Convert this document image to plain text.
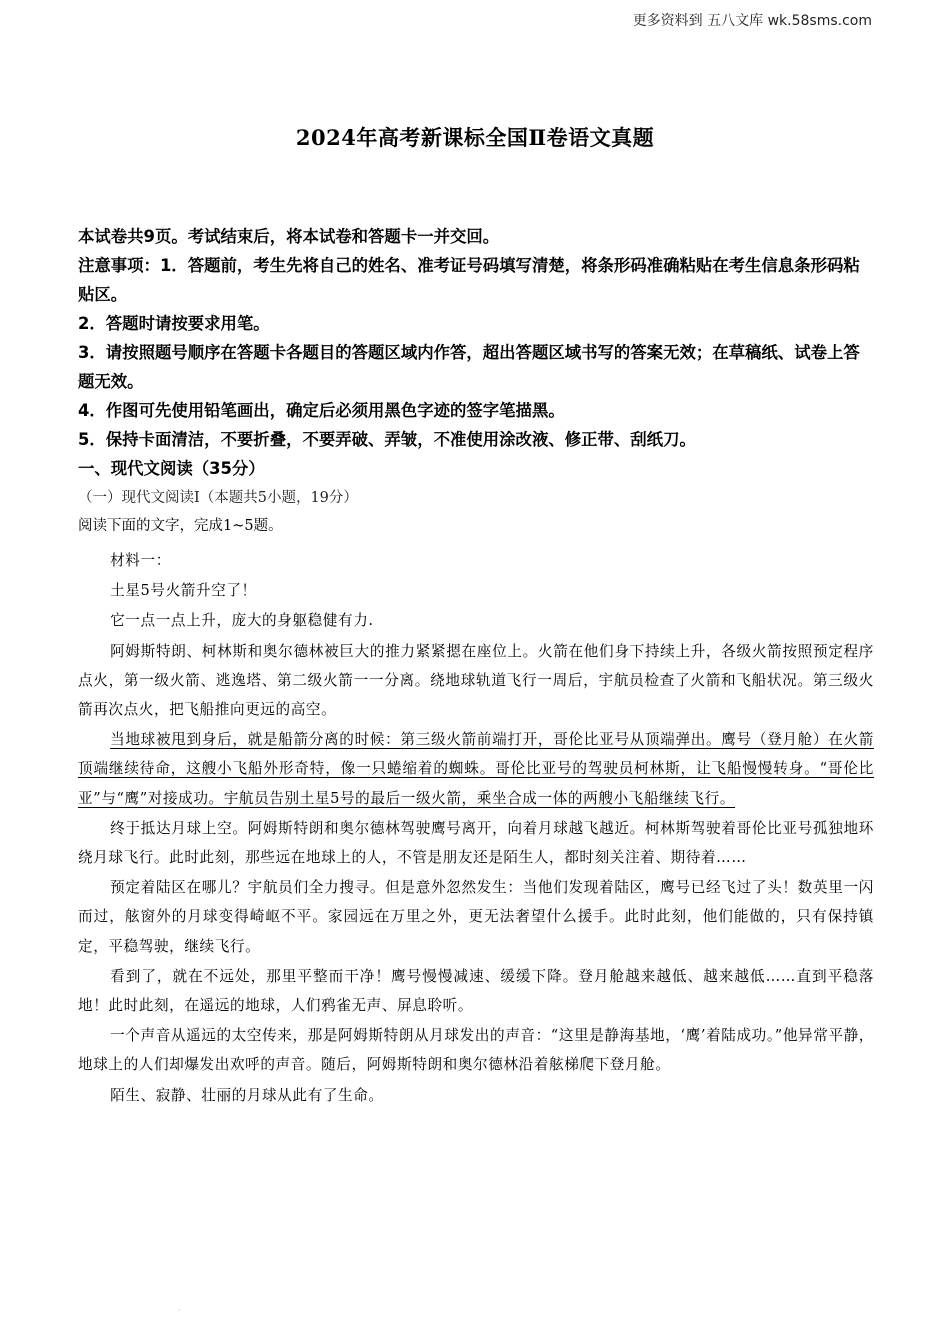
更多资料到 五八文库 wk.58sms.com
2024年高考新课标全国Ⅱ卷语文真题

本试卷共9页。考试结束后，将本试卷和答题卡一并交回。

注意事项：1．答题前，考生先将自己的姓名、准考证号码填写清楚，将条形码准确粘贴在考生信息条形码粘贴区。

2．答题时请按要求用笔。

3．请按照题号顺序在答题卡各题目的答题区域内作答，超出答题区域书写的答案无效；在草稿纸、试卷上答题无效。

4．作图可先使用铅笔画出，确定后必须用黑色字迹的签字笔描黑。

5．保持卡面清洁，不要折叠，不要弄破、弄皱，不准使用涂改液、修正带、刮纸刀。

一、现代文阅读（35分）

（一）现代文阅读Ⅰ（本题共5小题，19分）

阅读下面的文字，完成1~5题。

材料一：

土星5号火箭升空了！

它一点一点上升，庞大的身躯稳健有力.

阿姆斯特朗、柯林斯和奥尔德林被巨大的推力紧紧摁在座位上。火箭在他们身下持续上升，各级火箭按照预定程序点火，第一级火箭、逃逸塔、第二级火箭一一分离。绕地球轨道飞行一周后，宇航员检查了火箭和飞船状况。第三级火箭再次点火，把飞船推向更远的高空。

当地球被甩到身后，就是船箭分离的时候：第三级火箭前端打开，哥伦比亚号从顶端弹出。鹰号（登月舱）在火箭顶端继续待命，这艘小飞船外形奇特，像一只蜷缩着的蜘蛛。哥伦比亚号的驾驶员柯林斯，让飞船慢慢转身。“哥伦比亚”与“鹰”对接成功。宇航员告别土星5号的最后一级火箭，乘坐合成一体的两艘小飞船继续飞行。

终于抵达月球上空。阿姆斯特朗和奥尔德林驾驶鹰号离开，向着月球越飞越近。柯林斯驾驶着哥伦比亚号孤独地环绕月球飞行。此时此刻，那些远在地球上的人，不管是朋友还是陌生人，都时刻关注着、期待着……

预定着陆区在哪儿？宇航员们全力搜寻。但是意外忽然发生：当他们发现着陆区，鹰号已经飞过了头！数英里一闪而过，舷窗外的月球变得崎岖不平。家园远在万里之外，更无法奢望什么援手。此时此刻，他们能做的，只有保持镇定，平稳驾驶，继续飞行。

看到了，就在不远处，那里平整而干净！鹰号慢慢减速、缓缓下降。登月舱越来越低、越来越低……直到平稳落地！此时此刻，在遥远的地球，人们鸦雀无声、屏息聆听。

一个声音从遥远的太空传来，那是阿姆斯特朗从月球发出的声音：“这里是静海基地，‘鹰’着陆成功。”他异常平静，地球上的人们却爆发出欢呼的声音。随后，阿姆斯特朗和奥尔德林沿着舷梯爬下登月舱。

陌生、寂静、壮丽的月球从此有了生命。

·
